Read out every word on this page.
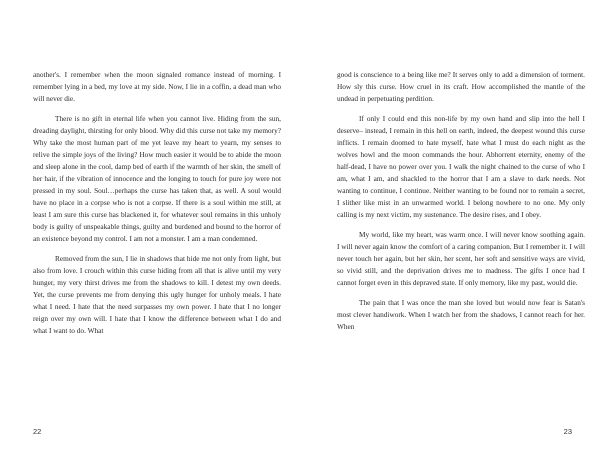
another's. I remember when the moon signaled romance instead of morning. I remember lying in a bed, my love at my side. Now, I lie in a coffin, a dead man who will never die.

There is no gift in eternal life when you cannot live. Hiding from the sun, dreading daylight, thirsting for only blood. Why did this curse not take my memory? Why take the most human part of me yet leave my heart to yearn, my senses to relive the simple joys of the living? How much easier it would be to abide the moon and sleep alone in the cool, damp bed of earth if the warmth of her skin, the smell of her hair, if the vibration of innocence and the longing to touch for pure joy were not pressed in my soul. Soul…perhaps the curse has taken that, as well. A soul would have no place in a corpse who is not a corpse. If there is a soul within me still, at least I am sure this curse has blackened it, for whatever soul remains in this unholy body is guilty of unspeakable things, guilty and burdened and bound to the horror of an existence beyond my control. I am not a monster. I am a man condemned.

Removed from the sun, I lie in shadows that hide me not only from light, but also from love. I crouch within this curse hiding from all that is alive until my very hunger, my very thirst drives me from the shadows to kill. I detest my own deeds. Yet, the curse prevents me from denying this ugly hunger for unholy meals. I hate what I need. I hate that the need surpasses my own power. I hate that I no longer reign over my own will. I hate that I know the difference between what I do and what I want to do. What

22

good is conscience to a being like me? It serves only to add a dimension of torment. How sly this curse. How cruel in its craft. How accomplished the mantle of the undead in perpetuating perdition.

If only I could end this non-life by my own hand and slip into the hell I deserve– instead, I remain in this hell on earth, indeed, the deepest wound this curse inflicts. I remain doomed to hate myself, hate what I must do each night as the wolves howl and the moon commands the hour. Abhorrent eternity, enemy of the half-dead, I have no power over you. I walk the night chained to the curse of who I am, what I am, and shackled to the horror that I am a slave to dark needs. Not wanting to continue, I continue. Neither wanting to be found nor to remain a secret, I slither like mist in an unwarmed world. I belong nowhere to no one. My only calling is my next victim, my sustenance. The desire rises, and I obey.

My world, like my heart, was warm once. I will never know soothing again. I will never again know the comfort of a caring companion. But I remember it. I will never touch her again, but her skin, her scent, her soft and sensitive ways are vivid, so vivid still, and the deprivation drives me to madness. The gifts I once had I cannot forget even in this depraved state. If only memory, like my past, would die.

The pain that I was once the man she loved but would now fear is Satan's most clever handiwork. When I watch her from the shadows, I cannot reach for her. When

23
